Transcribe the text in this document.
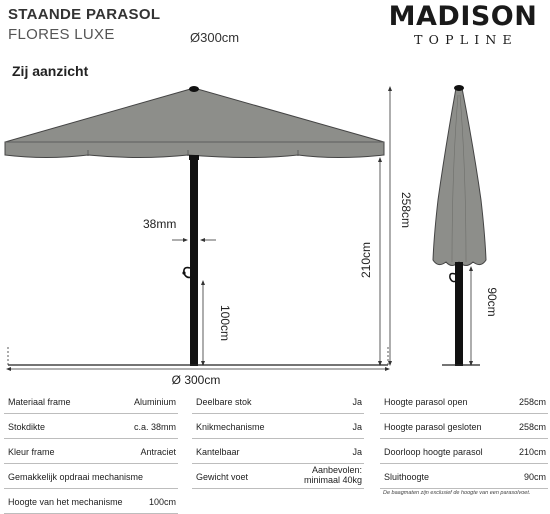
STAANDE PARASOL
FLORES LUXE	Ø300cm
MADISON
TOPLINE
Zij aanzicht
38mm
100cm
210cm
258cm
Ø 300cm
90cm
Materiaal frame	Aluminium
Stokdikte	c.a. 38mm
Kleur frame	Antraciet
Gemakkelijk opdraai mechanisme
Hoogte van het mechanisme	100cm
Deelbare stok	Ja
Knikmechanisme	Ja
Kantelbaar	Ja
Gewicht voet
Aanbevolen:
minimaal 40kg
Hoogte parasol open	258cm
Hoogte parasol gesloten	258cm
Doorloop hoogte parasol	210cm
Sluithoogte	90cm
De baagmaten zijn exclusief de hoogte van een parasolvoet.
